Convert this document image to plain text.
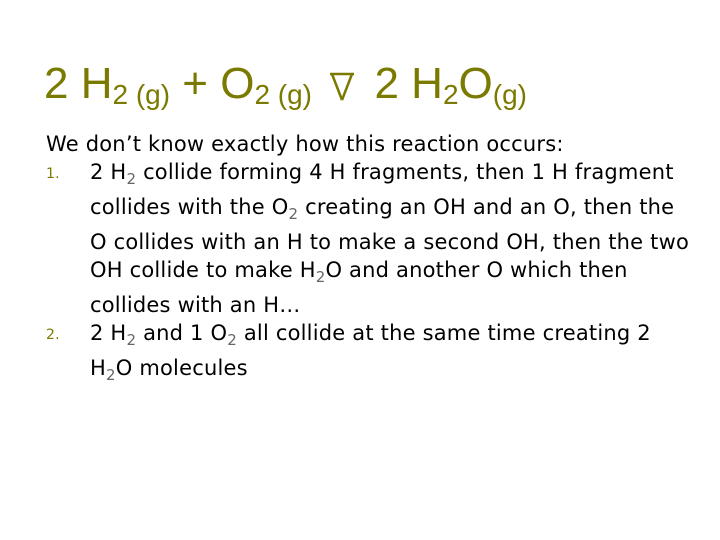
2 $H_{2 (g)} + O_{2 (g)}$  2 $H_2O_{(g)}$

We don’t know exactly how this reaction occurs:

1. 2 $H_2$ collide forming 4 H fragments, then 1 H fragment collides with the $O_2$ creating an OH and an O, then the O collides with an H to make a second OH, then the two OH collide to make $H_2O$ and another O which then collides with an H…

2. 2 $H_2$ and 1 $O_2$ all collide at the same time creating 2 $H_2O$ molecules
